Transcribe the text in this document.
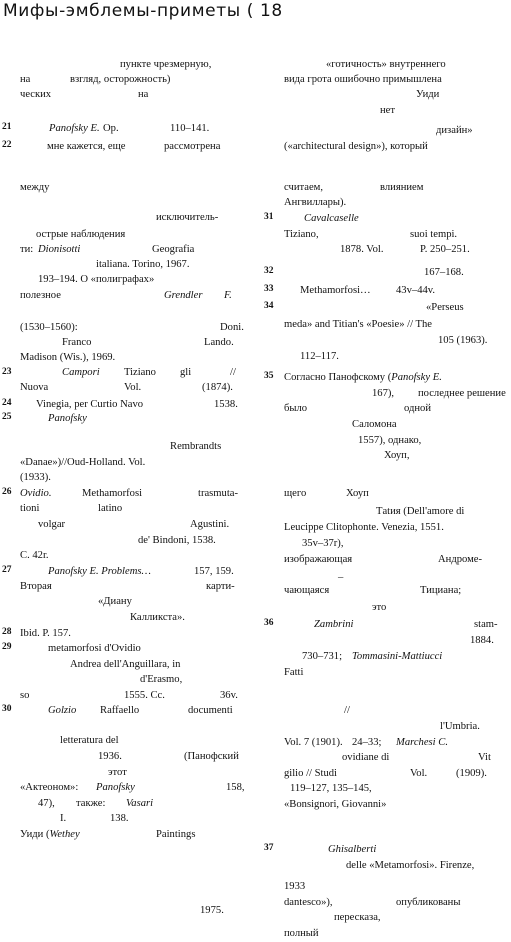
Мифы-эмблемы-приметы ( 18
пункте чрезмерную,
на	взгляд, осторожность)
ческих	на
21	Panofsky E. Op.	110–141.
22	мне кажется, еще	рассмотрена
между
исключитель-
острые наблюдения
ти: Dionisotti	Geografia
italiana. Torino, 1967.
193–194. О «полиграфах»
полезное	Grendler F.
(1530–1560):	Doni.
Franco	Lando.
Madison (Wis.), 1969.
23	Campori Tiziano gli	//
Nuova	Vol.	(1874).
24 Vinegia, per Curtio Navo	1538.
25	Panofsky
Rembrandts
«Danae»)//Oud-Holland. Vol.
(1933).
26 Ovidio.	Methamorfosi	trasmuta-
tioni	latino
volgar	Agustini.
de' Bindoni, 1538.
С. 42r.
27	Panofsky E. Problems…	157, 159.
Вторая	карти-
«Диану
Калликста».
28 Ibid. P. 157.
29	metamorfosi d'Ovidio
Andrea dell'Anguillara, in
d'Erasmo,
so	1555. Cc.	36v.
30	Golzio Raffaello	documenti
letteratura del
1936.	(Панофский
этот
«Актеоном»: Panofsky	158,
47), также: Vasari
I.	138.
Уиди (Wethey	Paintings
1975.
«готичность» внутреннего
вида грота ошибочно примышлена
Уиди
нет
дизайн»
(«architectural design»), который
считаем,	влиянием
Ангвиллары).
31	Cavalcaselle
Tiziano,	suoi tempi.
1878. Vol.	P. 250–251.
32	167–168.
33	Methamorfosi… 43v–44v.
34	«Perseus
meda» and Titian's «Poesie» // The
105 (1963).
112–117.
35 Согласно Панофскому (Panofsky E.
167), последнее решение
было	одной
Саломона
1557), однако,
Хоуп,
щего	Хоуп
Тatия (Dell'amore di
Leucippe Clitophonte. Venezia, 1551.
35v–37r),
изображающая	Андроме-
–
чающаяся	Тициана;
это
36	Zambrini	stam-
1884.
730–731; Tommasini-Mattiucci
Fatti
//
l'Umbria.
Vol. 7 (1901). 24–33; Marchesi C.
ovidiane di	Vit
gilio // Studi	Vol.	(1909).
119–127, 135–145,
«Bonsignori, Giovanni»
37	Ghisalberti
delle «Metamorfosi». Firenze,
1933
dantesco»),	опубликованы
пересказа,
полный
